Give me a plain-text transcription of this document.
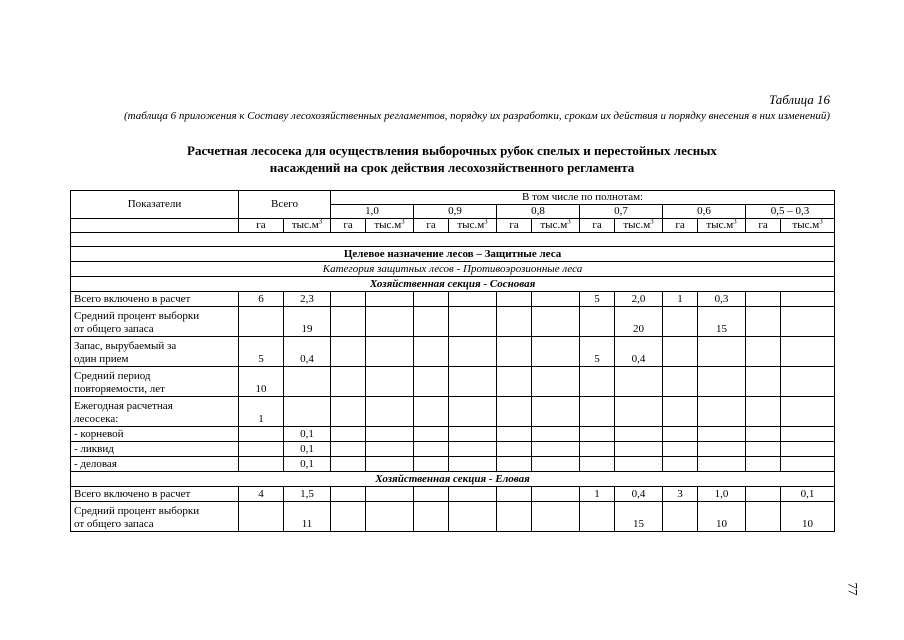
Таблица 16
(таблица 6 приложения к Составу лесохозяйственных регламентов, порядку их разработки, срокам их действия и порядку внесения в них изменений)
Расчетная лесосека для осуществления выборочных рубок спелых и перестойных лесных
насаждений на срок действия лесохозяйственного регламента
Показатели	Всего		В том числе по полнотам:											
			1,0		0,9		0,8		0,7		0,6		0,5 – 0,3	
	га	$тыс.м^3$	га	$тыс.м^3$	га	$тыс.м^3$	га	$тыс.м^3$	га	$тыс.м^3$	га	$тыс.м^3$	га	$тыс.м^3$

Целевое назначение лесов – Защитные леса														
Категория защитных лесов - Противоэрозионные леса														
Хозяйственная секция - Сосновая														

Всего включено в расчет	6	2,3							5	2,0	1	0,3		

Средний процент выборки
от общего запаса		19								20		15		

Запас, вырубаемый за
один прием	5	0,4							5	0,4				

Средний период
повторяемости, лет	10													

Ежегодная расчетная
лесосека:	1													

- корневой		0,1												

- ликвид		0,1												

- деловая		0,1												
Хозяйственная секция - Еловая														

Всего включено в расчет	4	1,5							1	0,4	3	1,0		0,1

Средний процент выборки
от общего запаса		11								15		10		10
77
